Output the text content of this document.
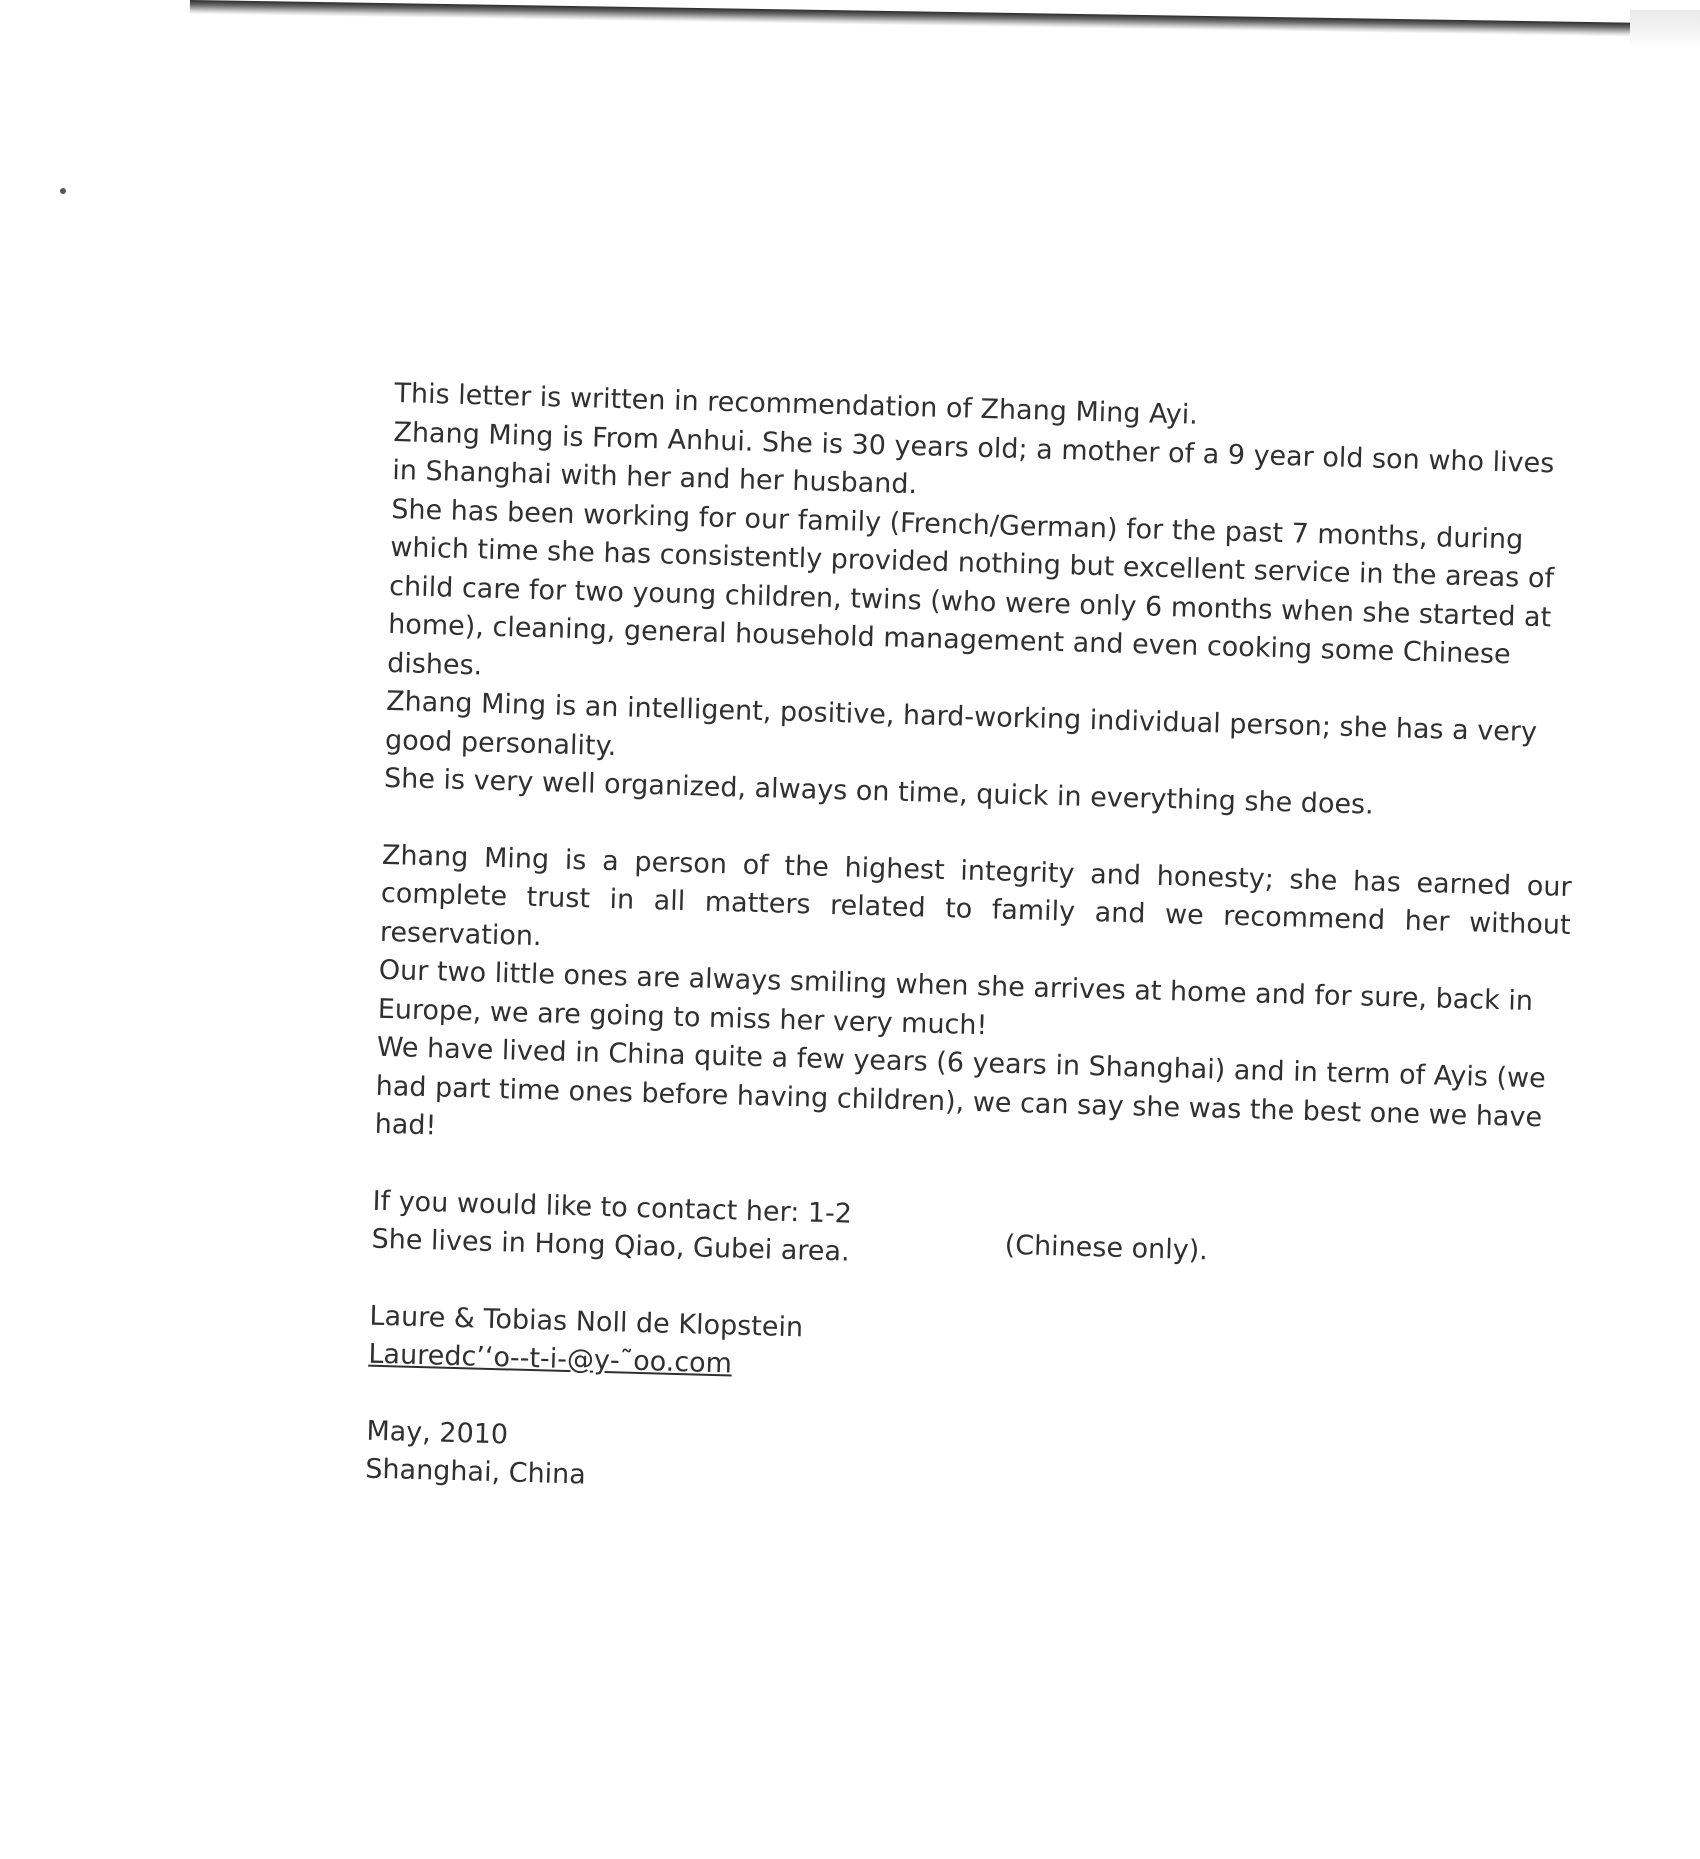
This letter is written in recommendation of Zhang Ming Ayi.

Zhang Ming is From Anhui. She is 30 years old; a mother of a 9 year old son who lives in Shanghai with her and her husband.

She has been working for our family (French/German) for the past 7 months, during which time she has consistently provided nothing but excellent service in the areas of child care for two young children, twins (who were only 6 months when she started at home), cleaning, general household management and even cooking some Chinese dishes.

Zhang Ming is an intelligent, positive, hard-working individual person; she has a very good personality.

She is very well organized, always on time, quick in everything she does.

Zhang Ming is a person of the highest integrity and honesty; she has earned our complete trust in all matters related to family and we recommend her without reservation.

Our two little ones are always smiling when she arrives at home and for sure, back in Europe, we are going to miss her very much!

We have lived in China quite a few years (6 years in Shanghai) and in term of Ayis (we had part time ones before having children), we can say she was the best one we have had!

If you would like to contact her: 1-2

(Chinese only).

She lives in Hong Qiao, Gubei area.

Laure & Tobias Noll de Klopstein

Lauredc’‘o‐‐t‐i‐@y‐˜oo.com

May, 2010

Shanghai, China
